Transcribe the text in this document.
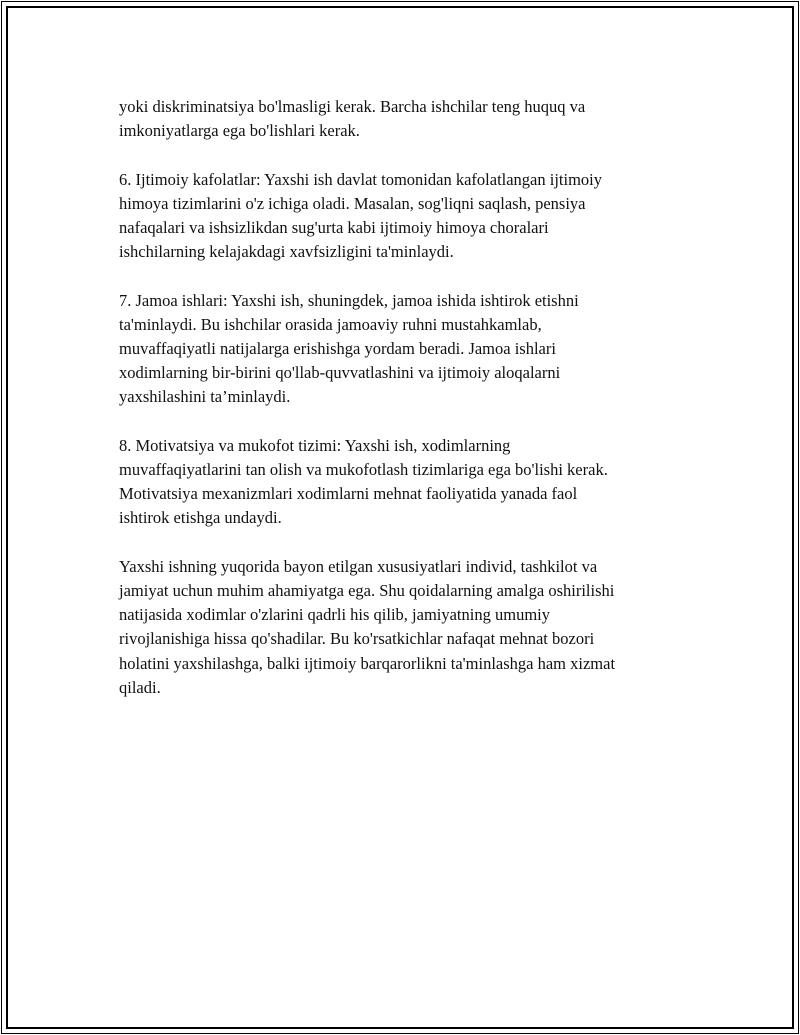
yoki diskriminatsiya bo'lmasligi kerak. Barcha ishchilar teng huquq va
imkoniyatlarga ega bo'lishlari kerak.

6. Ijtimoiy kafolatlar: Yaxshi ish davlat tomonidan kafolatlangan ijtimoiy
himoya tizimlarini o'z ichiga oladi. Masalan, sog'liqni saqlash, pensiya
nafaqalari va ishsizlikdan sug'urta kabi ijtimoiy himoya choralari
ishchilarning kelajakdagi xavfsizligini ta'minlaydi.

7. Jamoa ishlari: Yaxshi ish, shuningdek, jamoa ishida ishtirok etishni
ta'minlaydi. Bu ishchilar orasida jamoaviy ruhni mustahkamlab,
muvaffaqiyatli natijalarga erishishga yordam beradi. Jamoa ishlari
xodimlarning bir-birini qo'llab-quvvatlashini va ijtimoiy aloqalarni
yaxshilashini ta’minlaydi.

8. Motivatsiya va mukofot tizimi: Yaxshi ish, xodimlarning
muvaffaqiyatlarini tan olish va mukofotlash tizimlariga ega bo'lishi kerak.
Motivatsiya mexanizmlari xodimlarni mehnat faoliyatida yanada faol
ishtirok etishga undaydi.

Yaxshi ishning yuqorida bayon etilgan xususiyatlari individ, tashkilot va
jamiyat uchun muhim ahamiyatga ega. Shu qoidalarning amalga oshirilishi
natijasida xodimlar o'zlarini qadrli his qilib, jamiyatning umumiy
rivojlanishiga hissa qo'shadilar. Bu ko'rsatkichlar nafaqat mehnat bozori
holatini yaxshilashga, balki ijtimoiy barqarorlikni ta'minlashga ham xizmat
qiladi.
